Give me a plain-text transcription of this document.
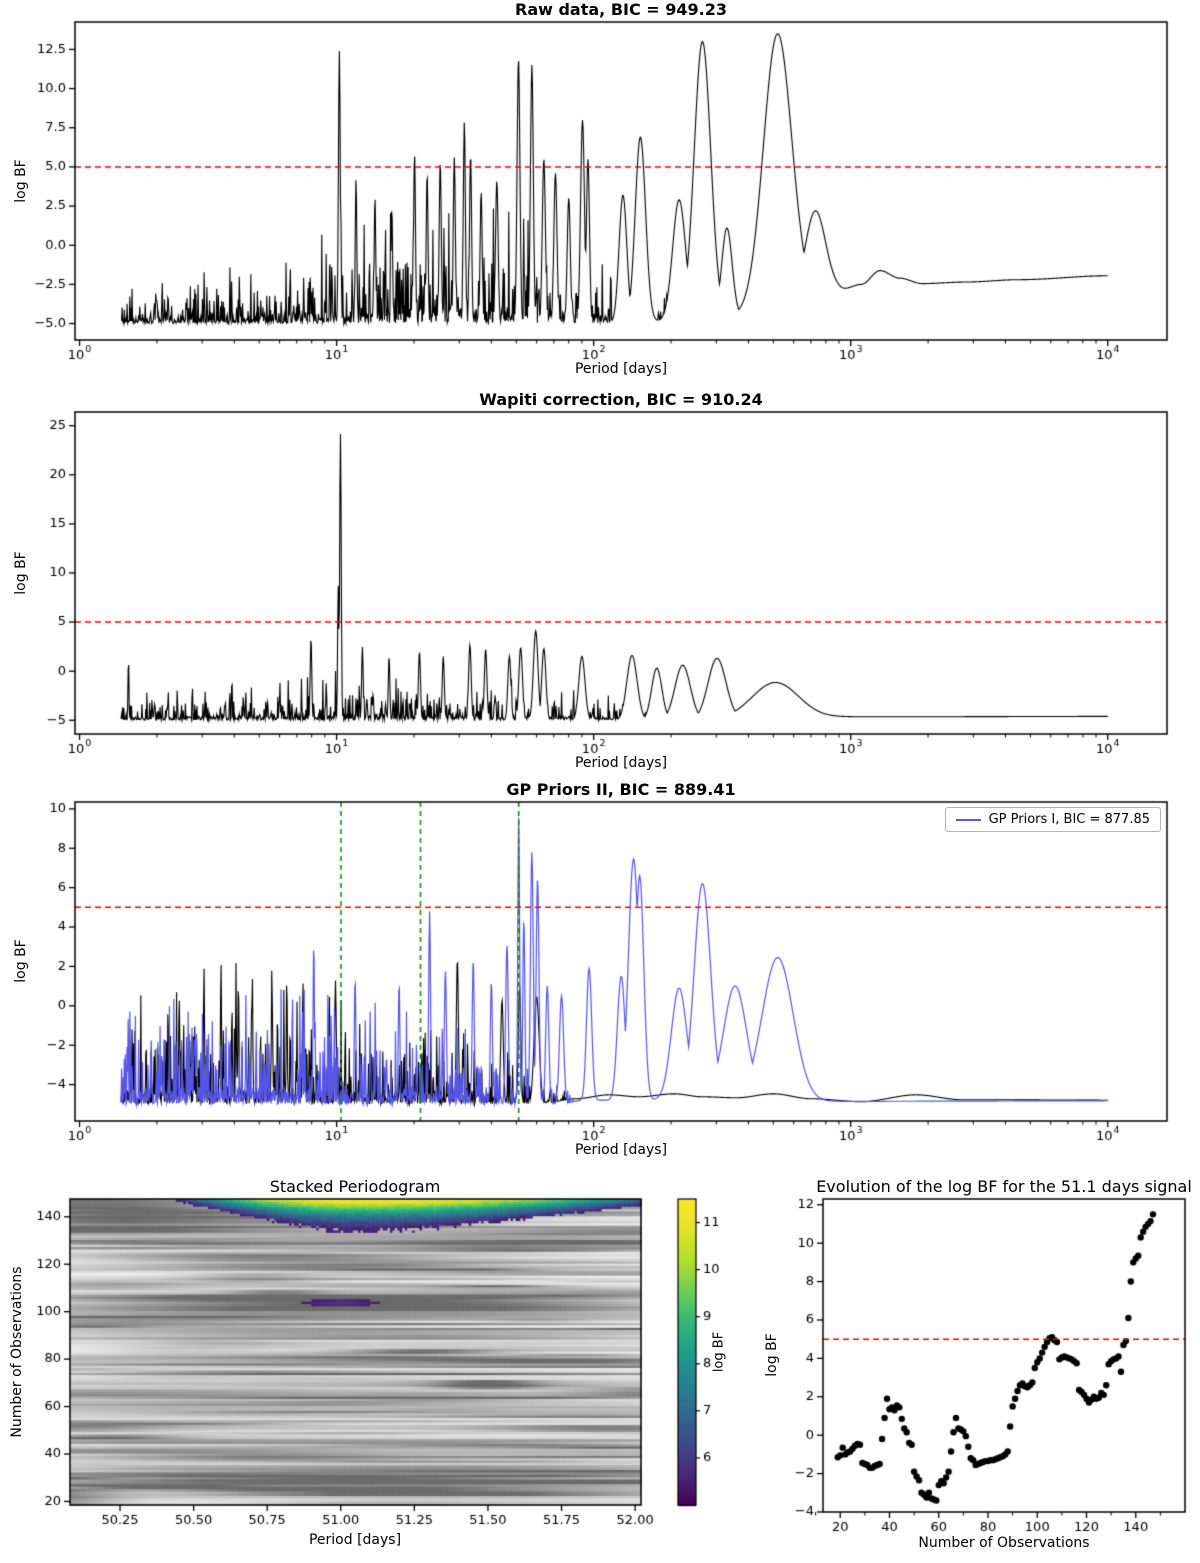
Raw data, BIC = 949.23
Period [days]
log BF
Wapiti correction, BIC = 910.24
Period [days]
log BF
GP Priors II, BIC = 889.41
Period [days]
log BF
GP Priors I, BIC = 877.85
Stacked Periodogram
Period [days]
Number of Observations	log BF
Evolution of the log BF for the 51.1 days signal
Number of Observations
log BF
